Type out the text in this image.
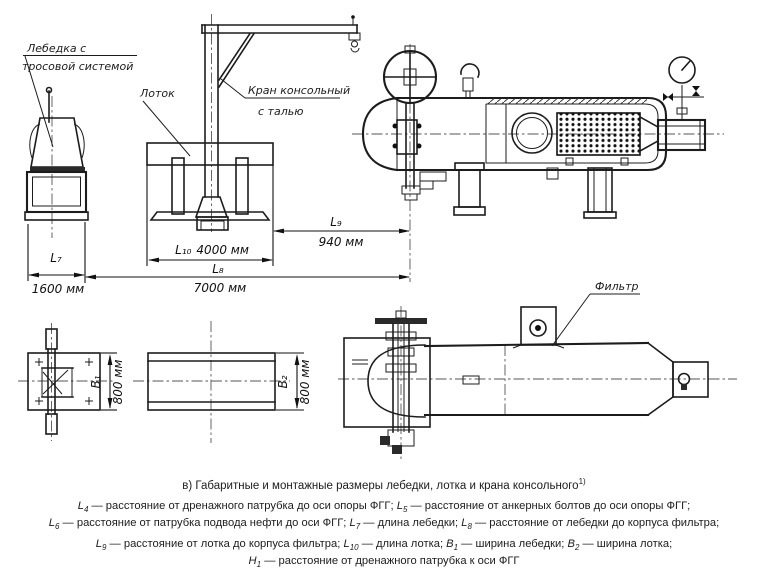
Лебедка с
тросовой системой
Лоток	Кран консольный
с талью
L₇
1600 мм
L₈
7000 мм
L₉
940 мм
L₁₀ 4000 мм
B₁ 800 мм	B₂ 800 мм
Фильтр
в) Габаритные и монтажные размеры лебедки, лотка и крана консольного$^{1)}$
$L_4$ — расстояние от дренажного патрубка до оси опоры ФГГ; $L_5$ — расстояние от анкерных болтов до оси опоры ФГГ;
$L_6$ — расстояние от патрубка подвода нефти до оси ФГГ; $L_7$ — длина лебедки; $L_8$ — расстояние от лебедки до корпуса фильтра;
$L_9$ — расстояние от лотка до корпуса фильтра; $L_{10}$ — длина лотка; $B_1$ — ширина лебедки; $B_2$ — ширина лотка;
$H_1$ — расстояние от дренажного патрубка к оси ФГГ
